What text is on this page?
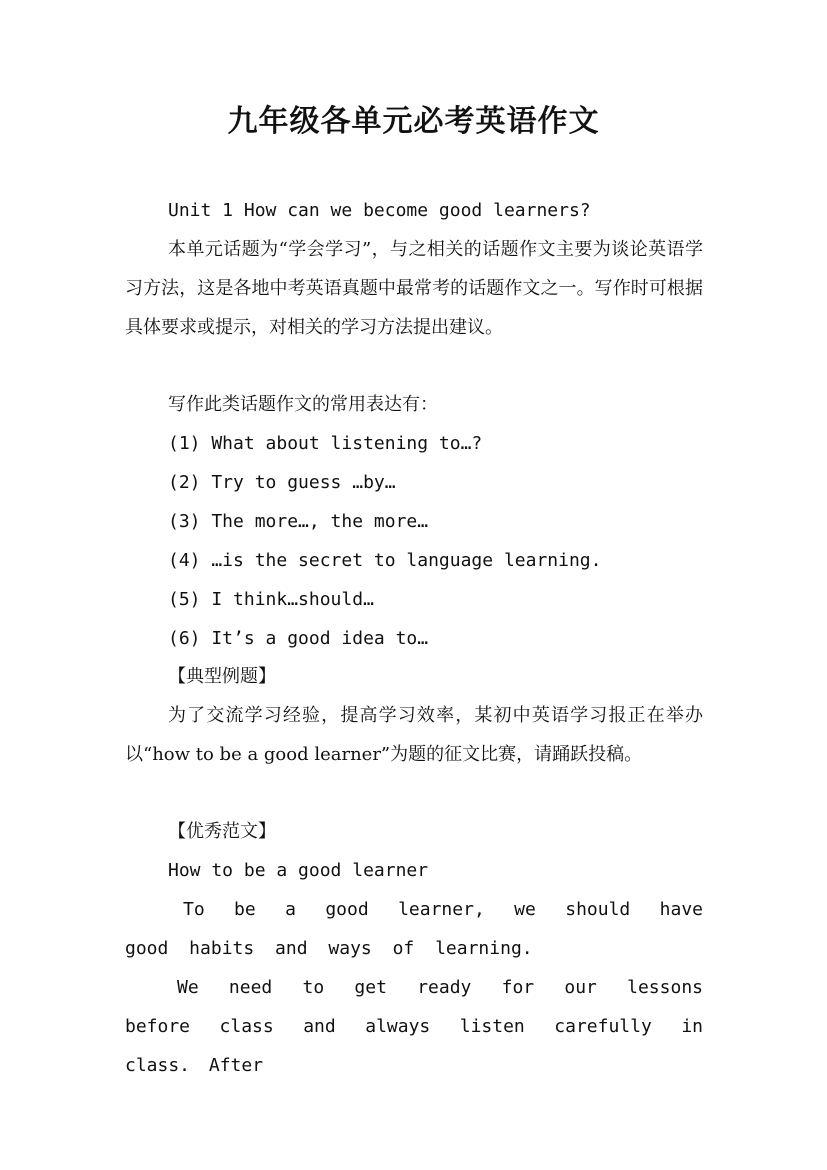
九年级各单元必考英语作文
Unit 1 How can we become good learners?

本单元话题为“学会学习”，与之相关的话题作文主要为谈论英语学习方法，这是各地中考英语真题中最常考的话题作文之一。写作时可根据具体要求或提示，对相关的学习方法提出建议。

写作此类话题作文的常用表达有：
(1) What about listening to…?
(2) Try to guess …by…
(3) The more…, the more…
(4) …is the secret to language learning.
(5) I think…should…
(6) It’s a good idea to…
【典型例题】

为了交流学习经验，提高学习效率，某初中英语学习报正在举办以“how to be a good learner”为题的征文比赛，请踊跃投稿。

【优秀范文】
How to be a good learner

To be a good learner, we should have good habits and ways of learning.

We need to get ready for our lessons before class and always listen carefully in class. After
